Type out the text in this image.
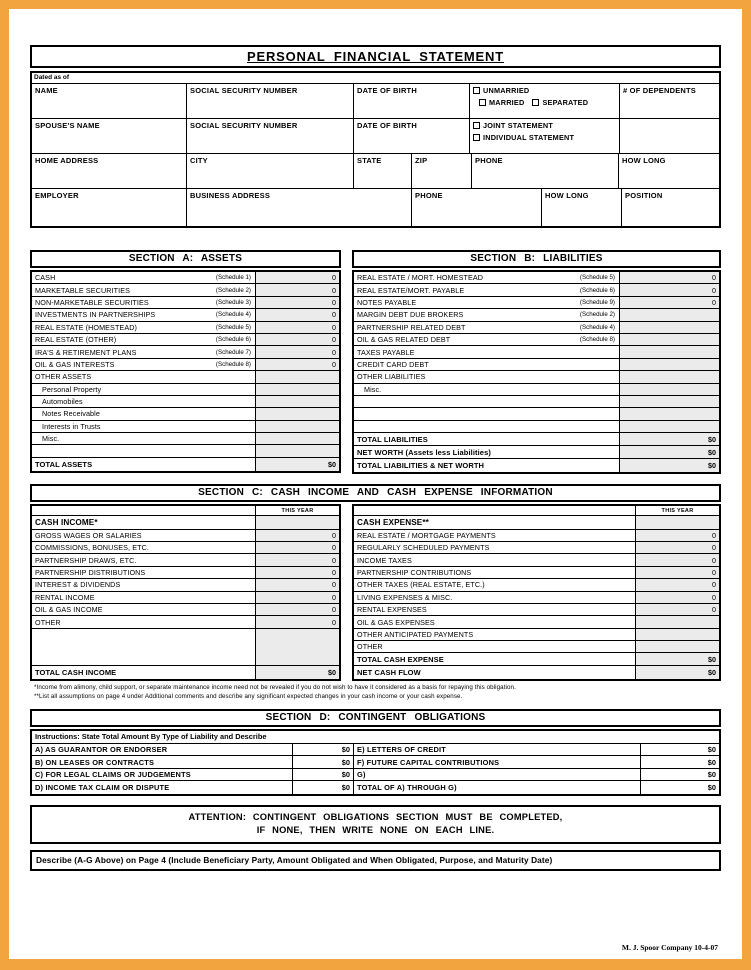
PERSONAL FINANCIAL STATEMENT
Dated as of
NAME	SOCIAL SECURITY NUMBER	DATE OF BIRTH	UNMARRIED
MARRIED SEPARATED
# OF DEPENDENTS
SPOUSE'S NAME	SOCIAL SECURITY NUMBER	DATE OF BIRTH	JOINT STATEMENT
INDIVIDUAL STATEMENT
HOME ADDRESS	CITY	STATE	ZIP	PHONE	HOW LONG
EMPLOYER	BUSINESS ADDRESS	PHONE	HOW LONG	POSITION
SECTION A: ASSETS
CASH	(Schedule 1)	0
MARKETABLE SECURITIES	(Schedule 2)	0
NON-MARKETABLE SECURITIES	(Schedule 3)	0
INVESTMENTS IN PARTNERSHIPS	(Schedule 4)	0
REAL ESTATE (HOMESTEAD)	(Schedule 5)	0
REAL ESTATE (OTHER)	(Schedule 6)	0
IRA'S & RETIREMENT PLANS	(Schedule 7)	0
OIL & GAS INTERESTS	(Schedule 8)	0
OTHER ASSETS
Personal Property
Automobiles
Notes Receivable
Interests in Trusts
Misc.
TOTAL ASSETS	$0
SECTION B: LIABILITIES
REAL ESTATE / MORT. HOMESTEAD	(Schedule 5)	0
REAL ESTATE/MORT. PAYABLE	(Schedule 6)	0
NOTES PAYABLE	(Schedule 9)	0
MARGIN DEBT DUE BROKERS	(Schedule 2)
PARTNERSHIP RELATED DEBT	(Schedule 4)
OIL & GAS RELATED DEBT	(Schedule 8)
TAXES PAYABLE
CREDIT CARD DEBT
OTHER LIABILITIES
Misc.
TOTAL LIABILITIES	$0
NET WORTH (Assets less Liabilities)	$0
TOTAL LIABILITIES & NET WORTH	$0
SECTION C: CASH INCOME AND CASH EXPENSE INFORMATION
THIS YEAR
CASH INCOME*
GROSS WAGES OR SALARIES	0
COMMISSIONS, BONUSES, ETC.	0
PARTNERSHIP DRAWS, ETC.	0
PARTNERSHIP DISTRIBUTIONS	0
INTEREST & DIVIDENDS	0
RENTAL INCOME	0
OIL & GAS INCOME	0
OTHER	0
TOTAL CASH INCOME	$0
THIS YEAR
CASH EXPENSE**
REAL ESTATE / MORTGAGE PAYMENTS	0
REGULARLY SCHEDULED PAYMENTS	0
INCOME TAXES	0
PARTNERSHIP CONTRIBUTIONS	0
OTHER TAXES (REAL ESTATE, ETC.)	0
LIVING EXPENSES & MISC.	0
RENTAL EXPENSES	0
OIL & GAS EXPENSES
OTHER ANTICIPATED PAYMENTS
OTHER
TOTAL CASH EXPENSE	$0
NET CASH FLOW	$0
*Income from alimony, child support, or separate maintenance income need not be revealed if you do not wish to have it considered as a basis for repaying this obligation.
**List all assumptions on page 4 under Additional comments and describe any significant expected changes in your cash income or your cash expense.
SECTION D: CONTINGENT OBLIGATIONS
Instructions: State Total Amount By Type of Liability and Describe
A) AS GUARANTOR OR ENDORSER	$0 E) LETTERS OF CREDIT	$0
B) ON LEASES OR CONTRACTS	$0 F) FUTURE CAPITAL CONTRIBUTIONS	$0
C) FOR LEGAL CLAIMS OR JUDGEMENTS	$0 G)	$0
D) INCOME TAX CLAIM OR DISPUTE	$0 TOTAL OF A) THROUGH G)	$0
ATTENTION: CONTINGENT OBLIGATIONS SECTION MUST BE COMPLETED,
IF NONE, THEN WRITE NONE ON EACH LINE.
Describe (A-G Above) on Page 4 (Include Beneficiary Party, Amount Obligated and When Obligated, Purpose, and Maturity Date)
M. J. Spoor Company 10-4-07
